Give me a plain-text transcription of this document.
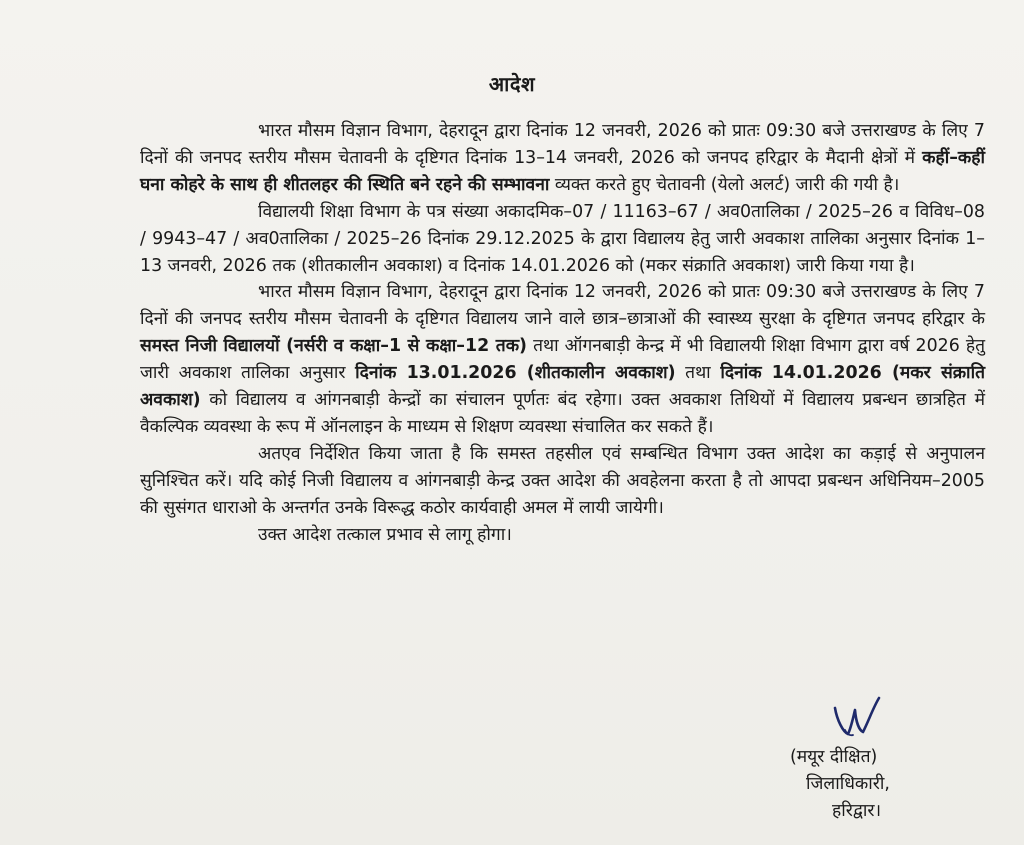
आदेश

भारत मौसम विज्ञान विभाग, देहरादून द्वारा दिनांक 12 जनवरी, 2026 को प्रातः 09:30 बजे उत्तराखण्ड के लिए 7 दिनों की जनपद स्तरीय मौसम चेतावनी के दृष्टिगत दिनांक 13–14 जनवरी, 2026 को जनपद हरिद्वार के मैदानी क्षेत्रों में कहीं–कहीं घना कोहरे के साथ ही शीतलहर की स्थिति बने रहने की सम्भावना व्यक्त करते हुए चेतावनी (येलो अलर्ट) जारी की गयी है।

विद्यालयी शिक्षा विभाग के पत्र संख्या अकादमिक–07 / 11163–67 / अव0तालिका / 2025–26 व विविध–08 / 9943–47 / अव0तालिका / 2025–26 दिनांक 29.12.2025 के द्वारा विद्यालय हेतु जारी अवकाश तालिका अनुसार दिनांक 1–13 जनवरी, 2026 तक (शीतकालीन अवकाश) व दिनांक 14.01.2026 को (मकर संक्राति अवकाश) जारी किया गया है।

भारत मौसम विज्ञान विभाग, देहरादून द्वारा दिनांक 12 जनवरी, 2026 को प्रातः 09:30 बजे उत्तराखण्ड के लिए 7 दिनों की जनपद स्तरीय मौसम चेतावनी के दृष्टिगत विद्यालय जाने वाले छात्र–छात्राओं की स्वास्थ्य सुरक्षा के दृष्टिगत जनपद हरिद्वार के समस्त निजी विद्यालयों (नर्सरी व कक्षा–1 से कक्षा–12 तक) तथा ऑगनबाड़ी केन्द्र में भी विद्यालयी शिक्षा विभाग द्वारा वर्ष 2026 हेतु जारी अवकाश तालिका अनुसार दिनांक 13.01.2026 (शीतकालीन अवकाश) तथा दिनांक 14.01.2026 (मकर संक्राति अवकाश) को विद्यालय व आंगनबाड़ी केन्द्रों का संचालन पूर्णतः बंद रहेगा। उक्त अवकाश तिथियों में विद्यालय प्रबन्धन छात्रहित में वैकल्पिक व्यवस्था के रूप में ऑनलाइन के माध्यम से शिक्षण व्यवस्था संचालित कर सकते हैं।

अतएव निर्देशित किया जाता है कि समस्त तहसील एवं सम्बन्धित विभाग उक्त आदेश का कड़ाई से अनुपालन सुनिश्चित करें। यदि कोई निजी विद्यालय व आंगनबाड़ी केन्द्र उक्त आदेश की अवहेलना करता है तो आपदा प्रबन्धन अधिनियम–2005 की सुसंगत धाराओ के अन्तर्गत उनके विरूद्ध कठोर कार्यवाही अमल में लायी जायेगी।

उक्त आदेश तत्काल प्रभाव से लागू होगा।

(मयूर दीक्षित)
जिलाधिकारी,
हरिद्वार।
